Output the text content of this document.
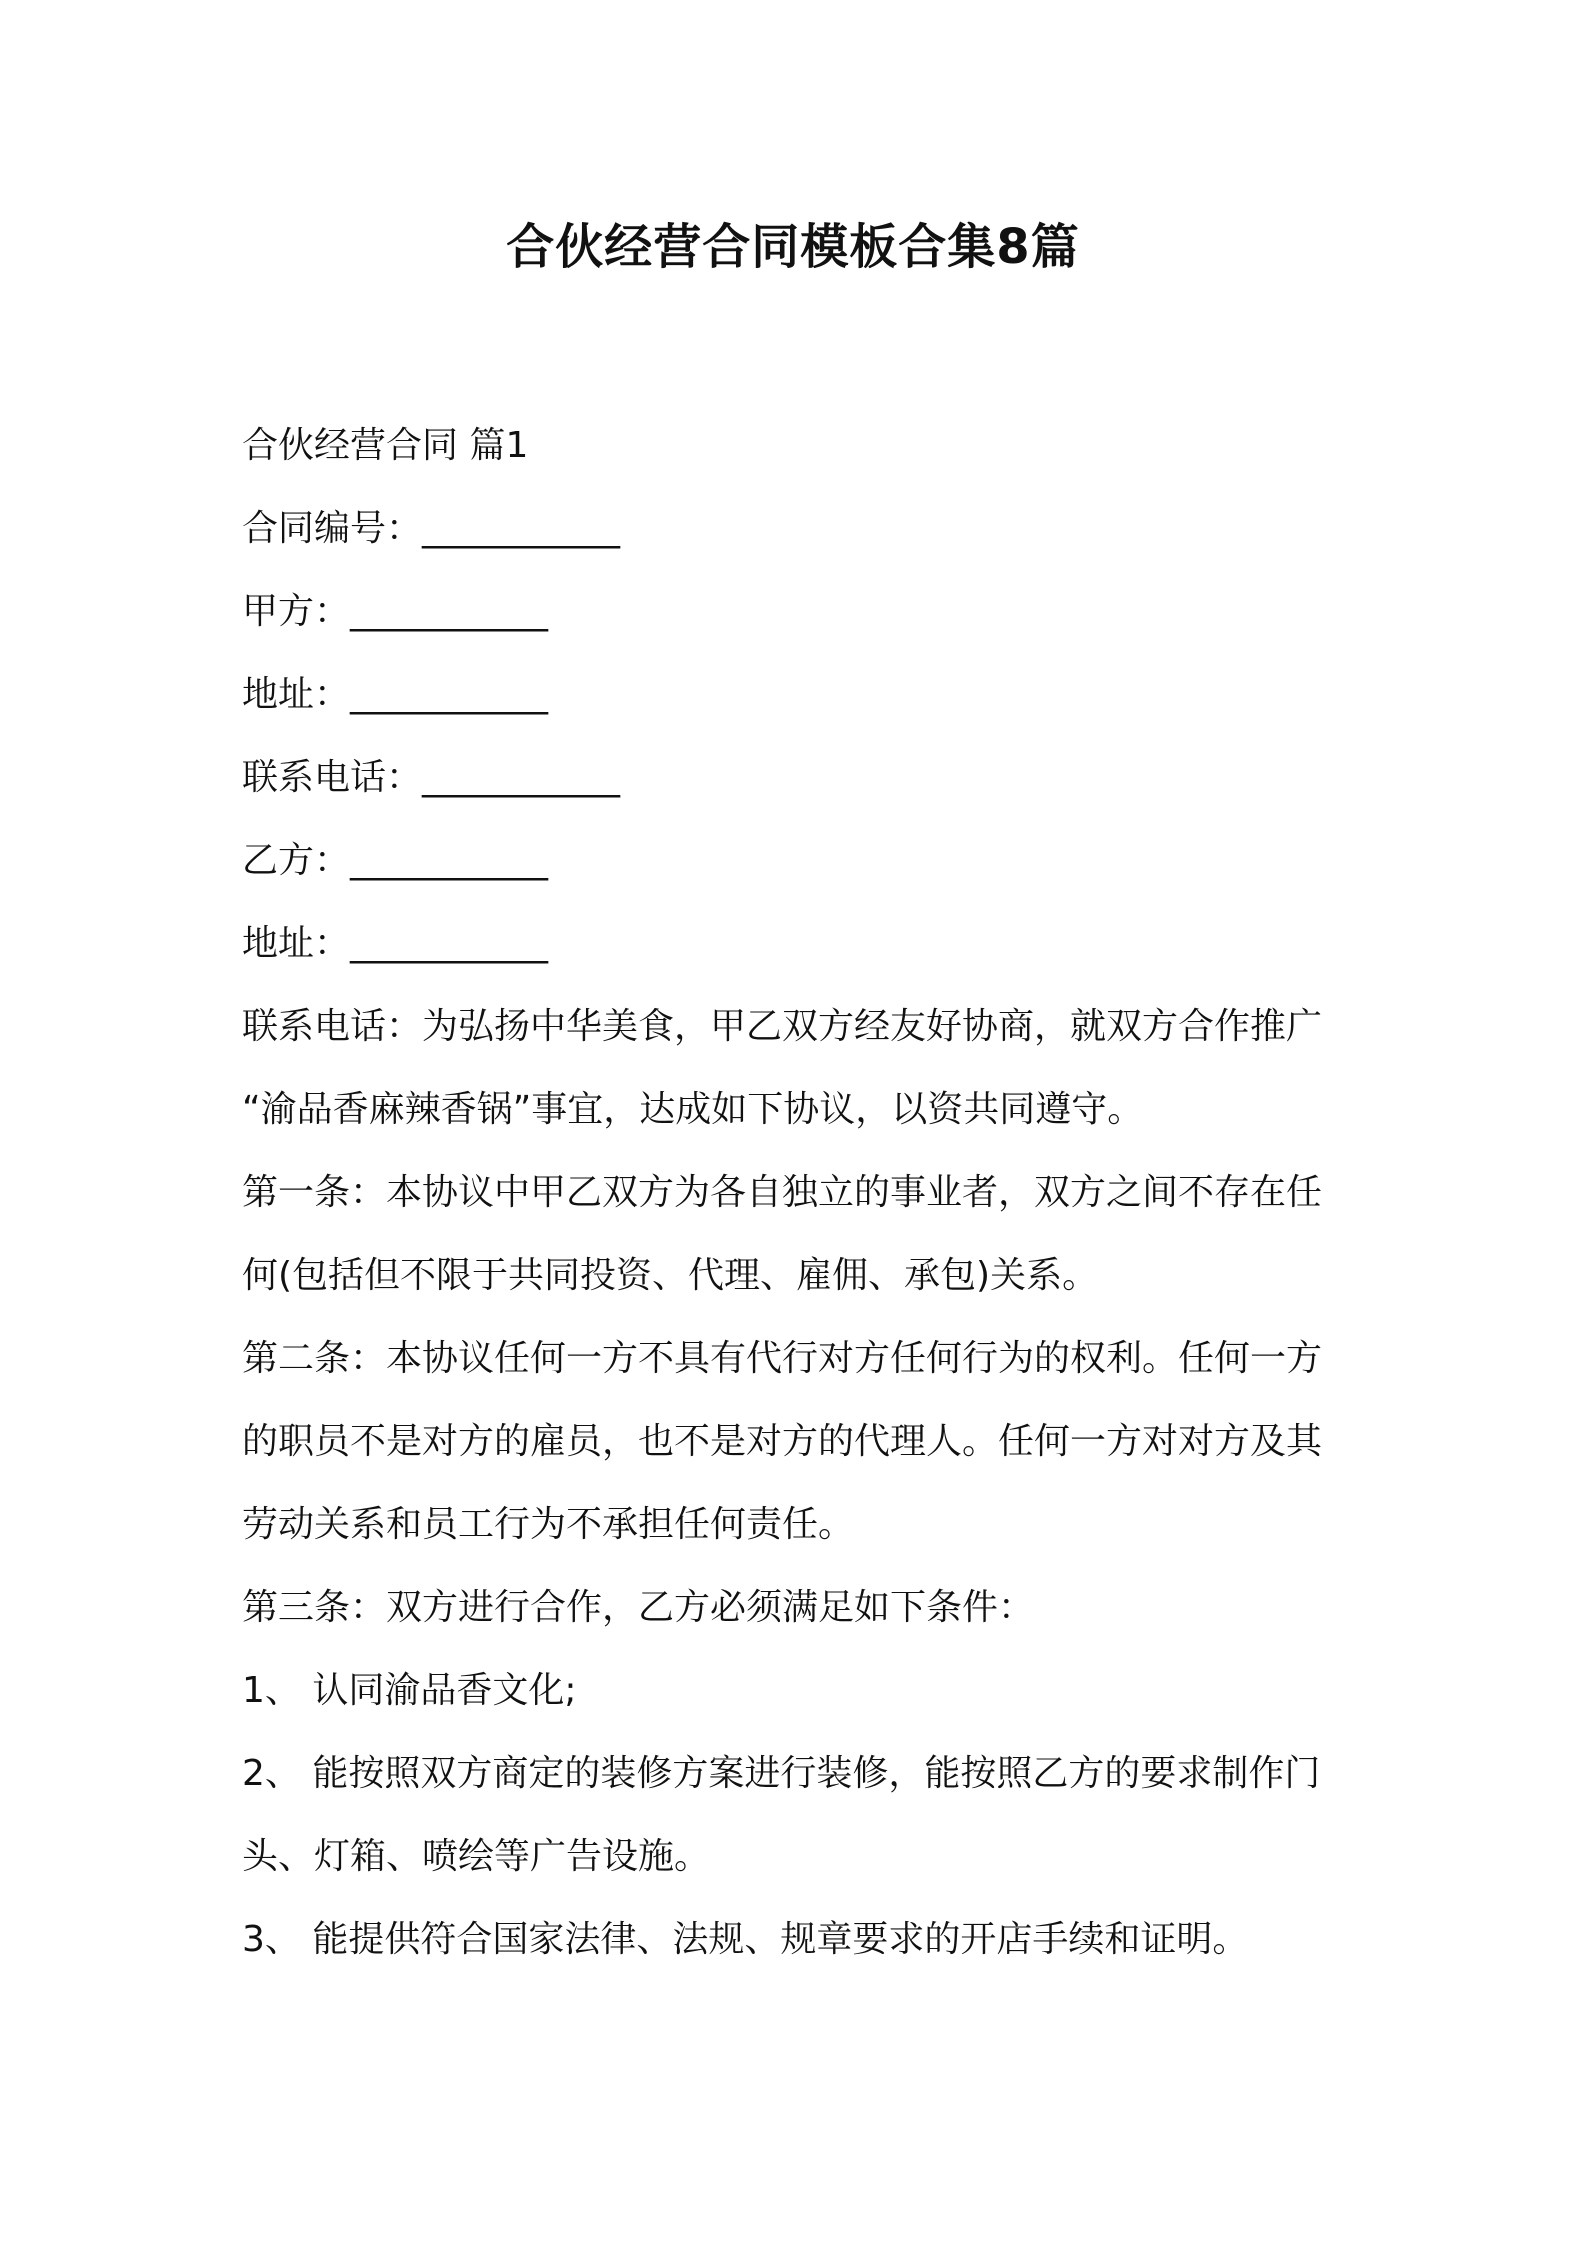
合伙经营合同模板合集8篇

合伙经营合同 篇1

合同编号：___________

甲方：___________

地址：___________

联系电话：___________

乙方：___________

地址：___________

联系电话：为弘扬中华美食，甲乙双方经友好协商，就双方合作推广

“渝品香麻辣香锅”事宜，达成如下协议，以资共同遵守。

第一条：本协议中甲乙双方为各自独立的事业者，双方之间不存在任

何(包括但不限于共同投资、代理、雇佣、承包)关系。

第二条：本协议任何一方不具有代行对方任何行为的权利。任何一方

的职员不是对方的雇员，也不是对方的代理人。任何一方对对方及其

劳动关系和员工行为不承担任何责任。

第三条：双方进行合作，乙方必须满足如下条件：

1、 认同渝品香文化;

2、 能按照双方商定的装修方案进行装修，能按照乙方的要求制作门

头、灯箱、喷绘等广告设施。

3、 能提供符合国家法律、法规、规章要求的开店手续和证明。
